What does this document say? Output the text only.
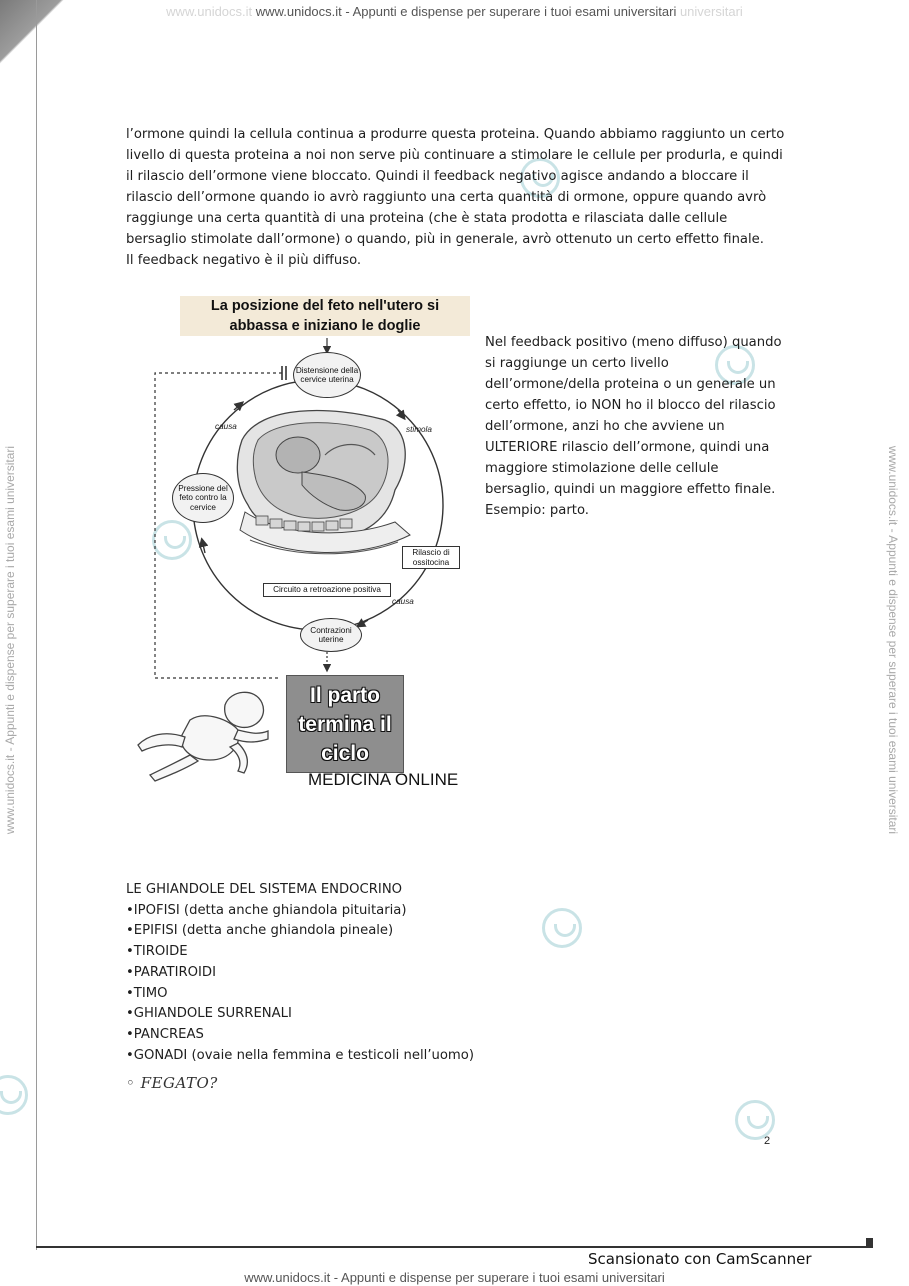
www.unidocs.it www.unidocs.it - Appunti e dispense per superare i tuoi esami universitari universitari
www.unidocs.it - Appunti e dispense per superare i tuoi esami universitari	www.unidocs.it - Appunti e dispense per superare i tuoi esami universitari

l’ormone quindi la cellula continua a produrre questa proteina. Quando abbiamo raggiunto un certo livello di questa proteina a noi non serve più continuare a stimolare le cellule per produrla, e quindi il rilascio dell’ormone viene bloccato. Quindi il feedback negativo agisce andando a bloccare il rilascio dell’ormone quando io avrò raggiunto una certa quantità di ormone, oppure quando avrò raggiunge una certa quantità di una proteina (che è stata prodotta e rilasciata dalle cellule bersaglio stimolate dall’ormone) o quando, più in generale, avrò ottenuto un certo effetto finale.

Il feedback negativo è il più diffuso.

La posizione del feto nell'utero si abbassa e iniziano le doglie
Distensione della cervice uterina
Pressione del feto contro la cervice
Rilascio di ossitocina
Contrazioni uterine
causa	stimola
causa
Circuito a retroazione positiva
Il parto termina il ciclo
MEDICINA ONLINE

Nel feedback positivo (meno diffuso) quando si raggiunge un certo livello dell’ormone/della proteina o un generale un certo effetto, io NON ho il blocco del rilascio dell’ormone, anzi ho che avviene un ULTERIORE rilascio dell’ormone, quindi una maggiore stimolazione delle cellule bersaglio, quindi un maggiore effetto finale. Esempio: parto.

LE GHIANDOLE DEL SISTEMA ENDOCRINO
•IPOFISI (detta anche ghiandola pituitaria)
•EPIFISI (detta anche ghiandola pineale)
•TIROIDE
•PARATIROIDI
•TIMO
•GHIANDOLE SURRENALI
•PANCREAS
•GONADI (ovaie nella femmina e testicoli nell’uomo)
◦ FEGATO?
2
Scansionato con CamScanner
www.unidocs.it - Appunti e dispense per superare i tuoi esami universitari
